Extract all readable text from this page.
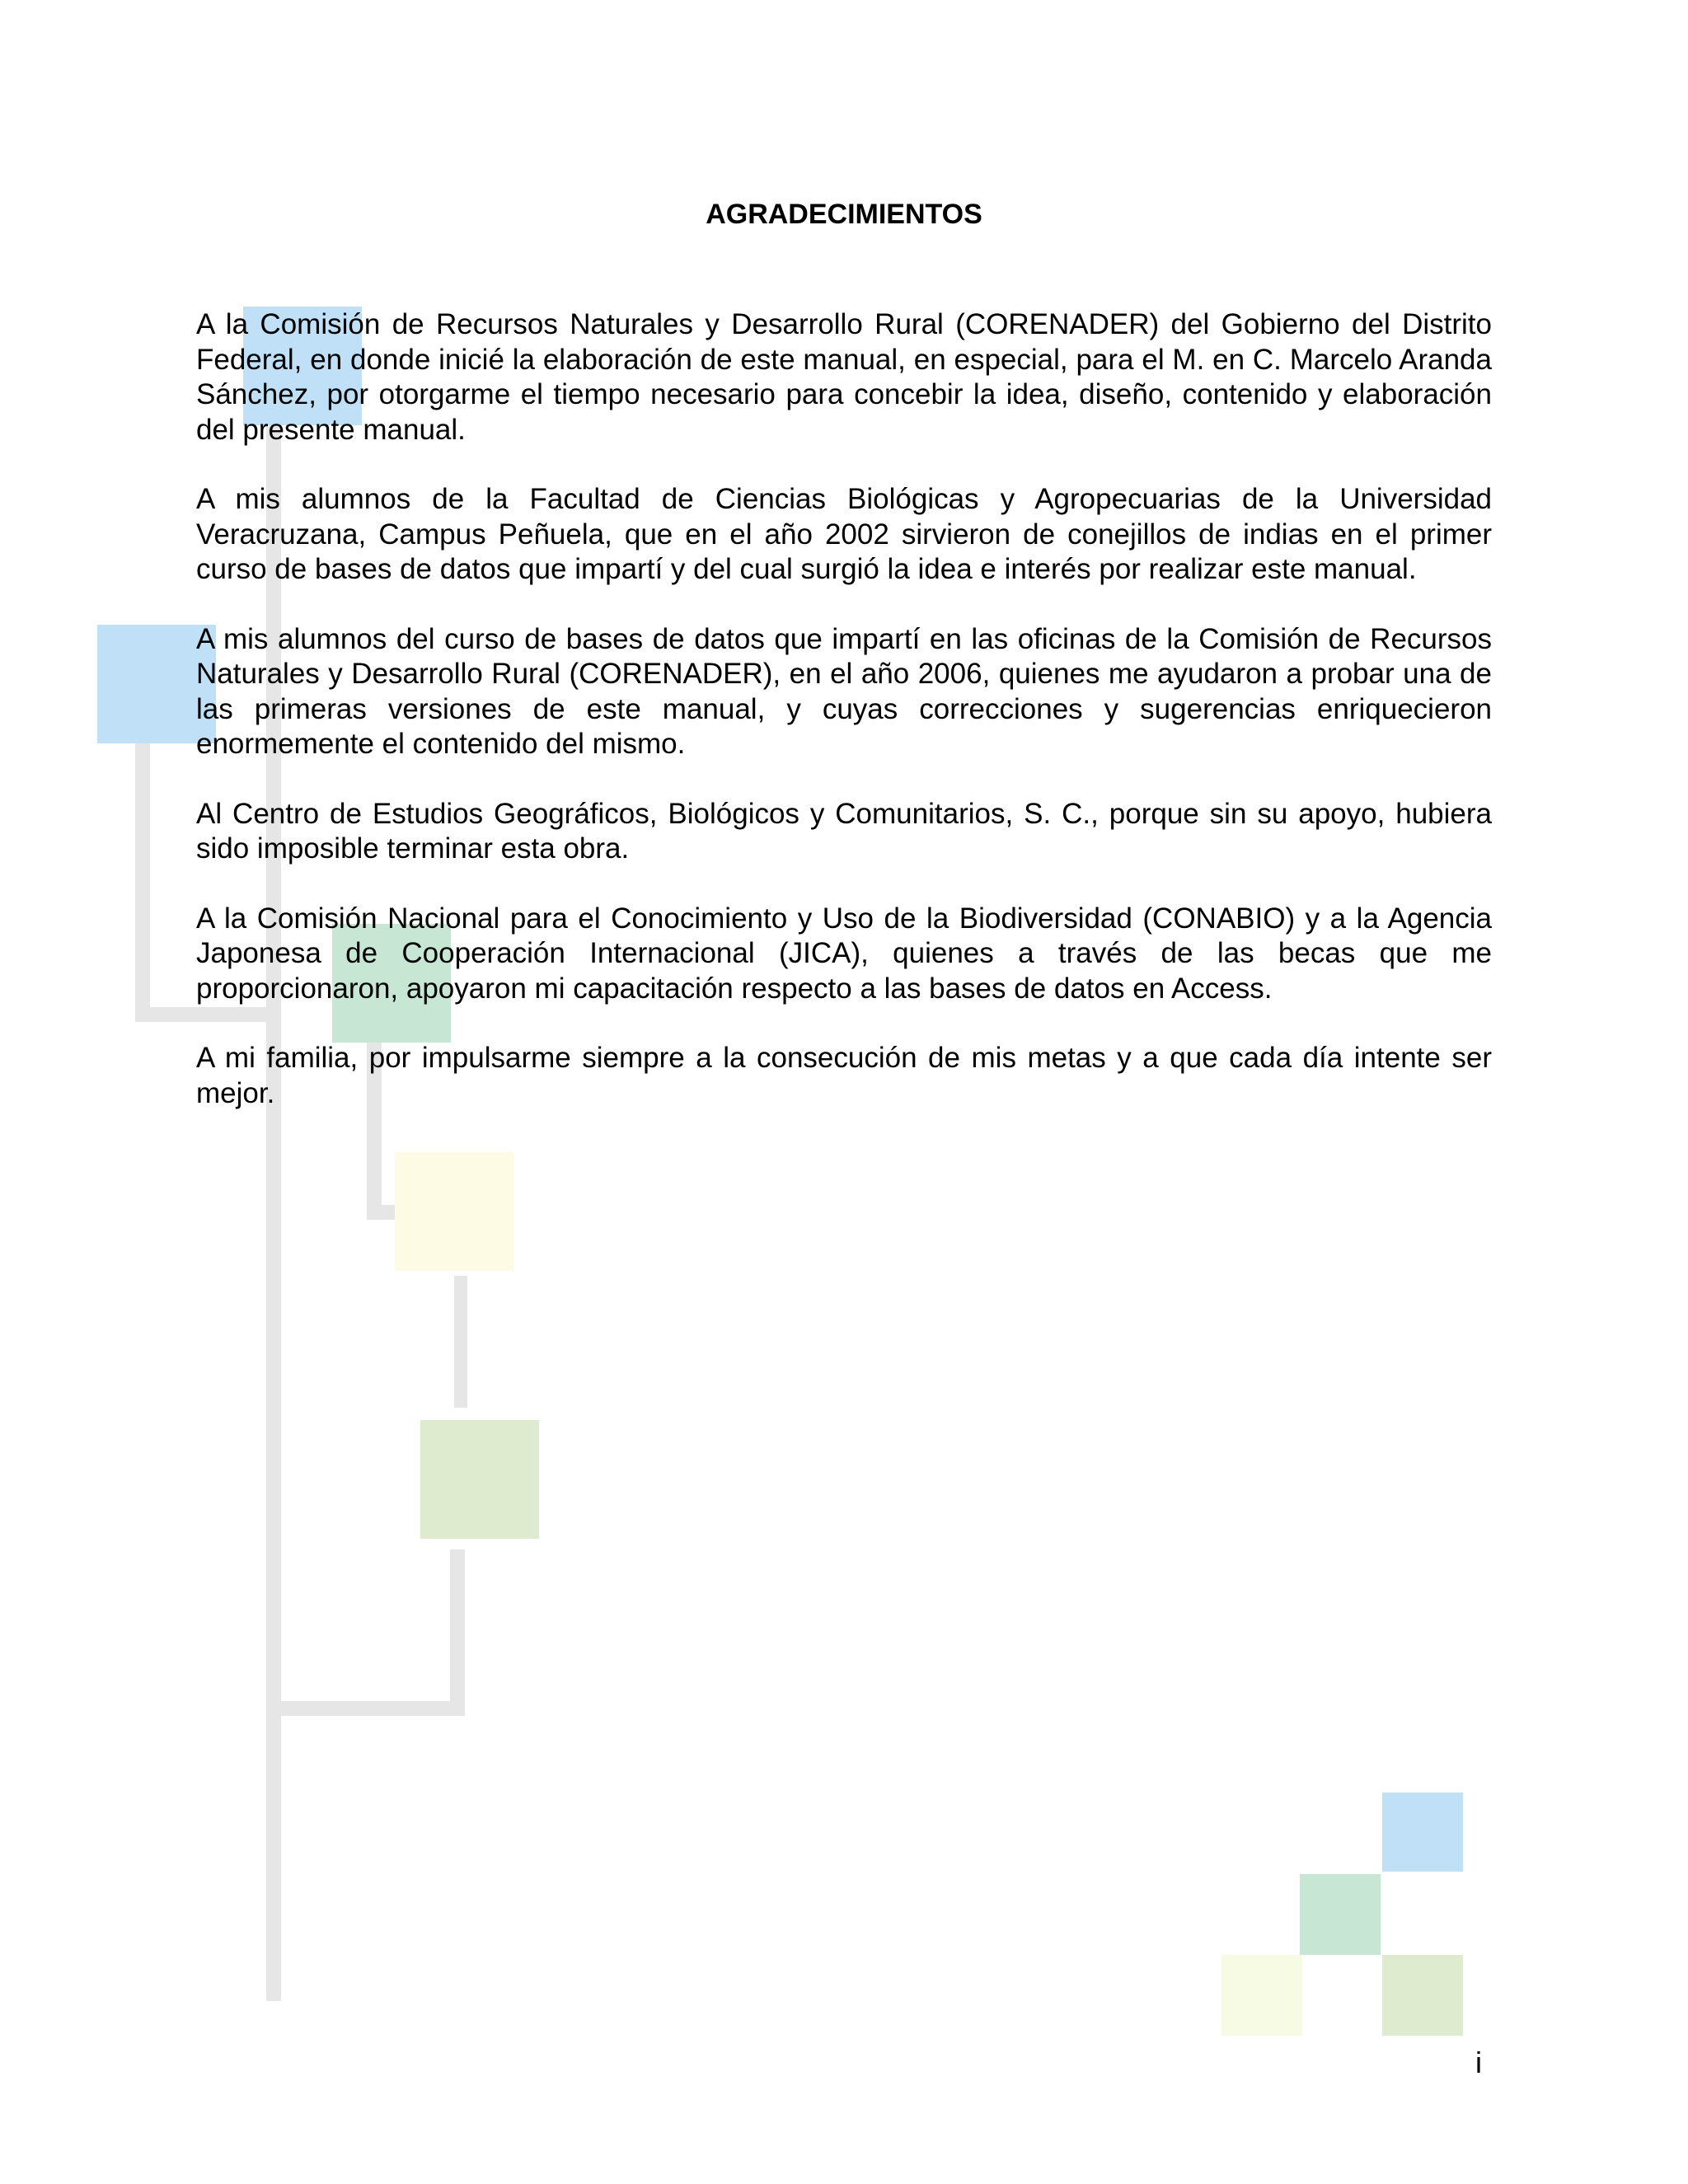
AGRADECIMIENTOS

A la Comisión de Recursos Naturales y Desarrollo Rural (CORENADER) del Gobierno del Distrito Federal, en donde inicié la elaboración de este manual, en especial, para el M. en C. Marcelo Aranda Sánchez, por otorgarme el tiempo necesario para concebir la idea, diseño, contenido y elaboración del presente manual.

A mis alumnos de la Facultad de Ciencias Biológicas y Agropecuarias de la Universidad Veracruzana, Campus Peñuela, que en el año 2002 sirvieron de conejillos de indias en el primer curso de bases de datos que impartí y del cual surgió la idea e interés por realizar este manual.

A mis alumnos del curso de bases de datos que impartí en las oficinas de la Comisión de Recursos Naturales y Desarrollo Rural (CORENADER), en el año 2006, quienes me ayudaron a probar una de las primeras versiones de este manual, y cuyas correcciones y sugerencias enriquecieron enormemente el contenido del mismo.

Al Centro de Estudios Geográficos, Biológicos y Comunitarios, S. C., porque sin su apoyo, hubiera sido imposible terminar esta obra.

A la Comisión Nacional para el Conocimiento y Uso de la Biodiversidad (CONABIO) y a la Agencia Japonesa de Cooperación Internacional (JICA), quienes a través de las becas que me proporcionaron, apoyaron mi capacitación respecto a las bases de datos en Access.

A mi familia, por impulsarme siempre a la consecución de mis metas y a que cada día intente ser mejor.

i
